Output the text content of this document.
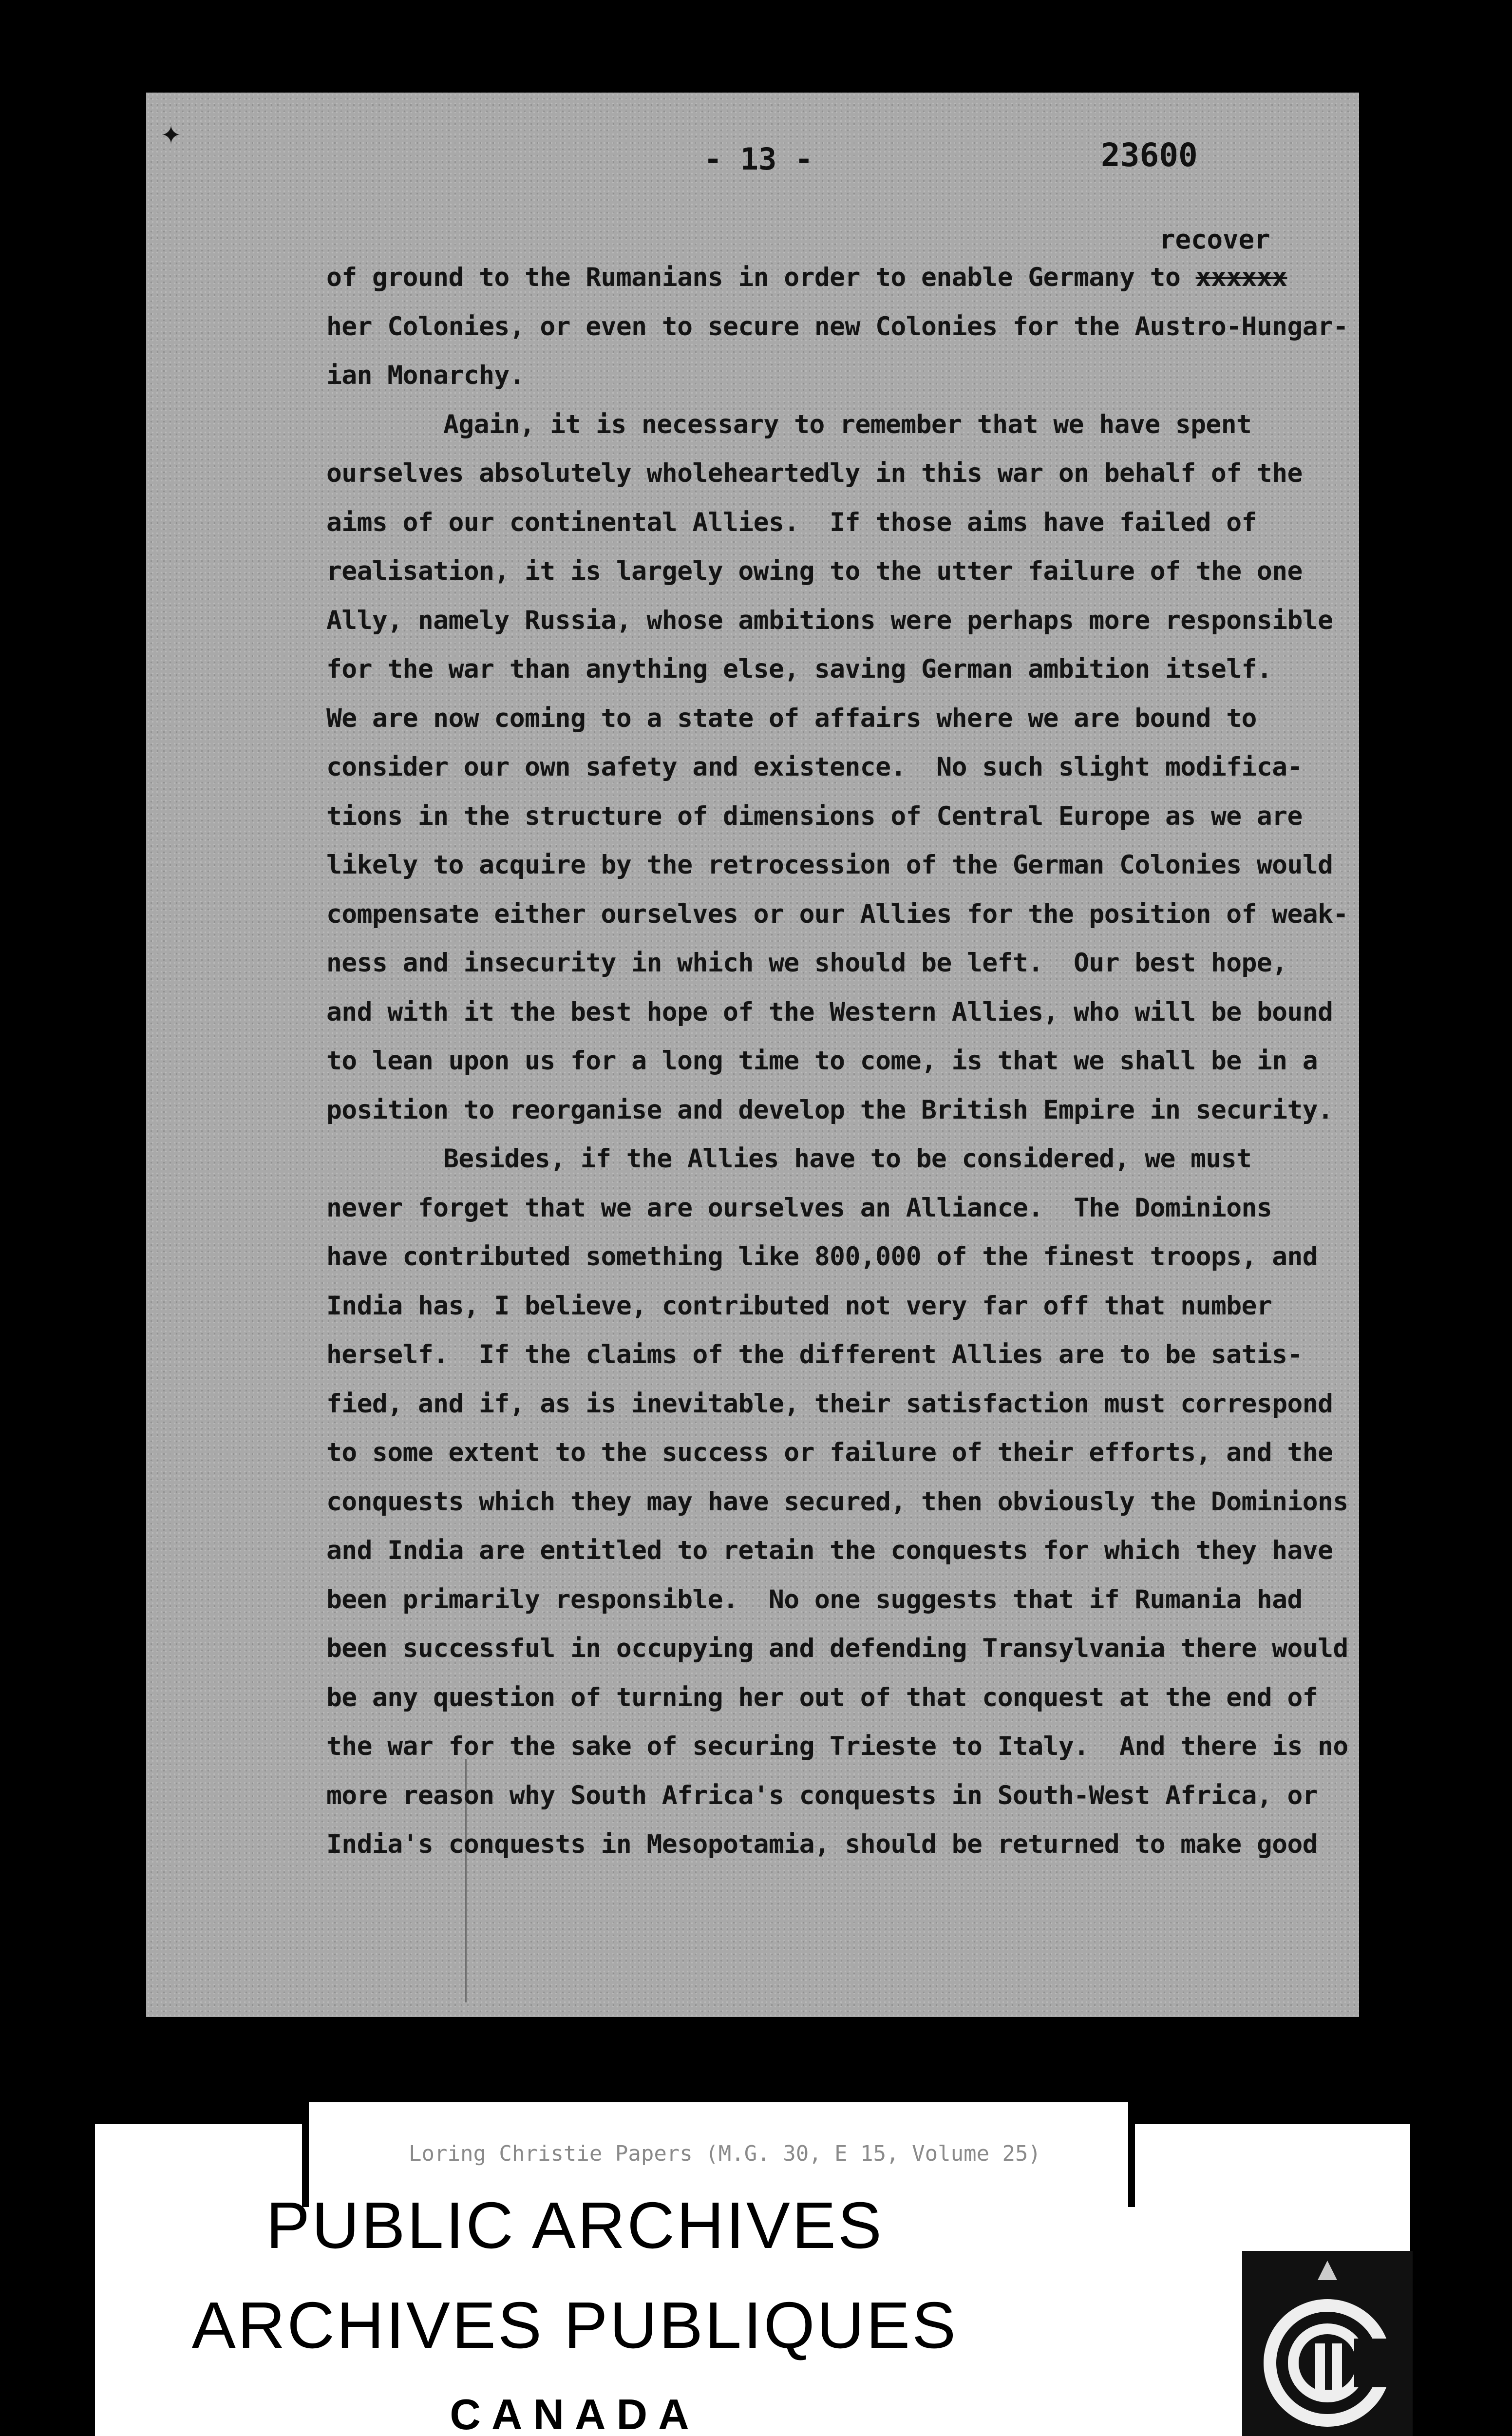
✦
- 13 -	23600
recover
of ground to the Rumanians in order to enable Germany to xxxxxx
her Colonies, or even to secure new Colonies for the Austro-Hungar-
ian Monarchy.
Again, it is necessary to remember that we have spent
ourselves absolutely wholeheartedly in this war on behalf of the
aims of our continental Allies.  If those aims have failed of
realisation, it is largely owing to the utter failure of the one
Ally, namely Russia, whose ambitions were perhaps more responsible
for the war than anything else, saving German ambition itself.
We are now coming to a state of affairs where we are bound to
consider our own safety and existence.  No such slight modifica-
tions in the structure of dimensions of Central Europe as we are
likely to acquire by the retrocession of the German Colonies would
compensate either ourselves or our Allies for the position of weak-
ness and insecurity in which we should be left.  Our best hope,
and with it the best hope of the Western Allies, who will be bound
to lean upon us for a long time to come, is that we shall be in a
position to reorganise and develop the British Empire in security.
Besides, if the Allies have to be considered, we must
never forget that we are ourselves an Alliance.  The Dominions
have contributed something like 800,000 of the finest troops, and
India has, I believe, contributed not very far off that number
herself.  If the claims of the different Allies are to be satis-
fied, and if, as is inevitable, their satisfaction must correspond
to some extent to the success or failure of their efforts, and the
conquests which they may have secured, then obviously the Dominions
and India are entitled to retain the conquests for which they have
been primarily responsible.  No one suggests that if Rumania had
been successful in occupying and defending Transylvania there would
be any question of turning her out of that conquest at the end of
the war for the sake of securing Trieste to Italy.  And there is no
more reason why South Africa's conquests in South-West Africa, or
India's conquests in Mesopotamia, should be returned to make good
Loring Christie Papers (M.G. 30, E 15, Volume 25)
PUBLIC ARCHIVES
ARCHIVES PUBLIQUES
CANADA
